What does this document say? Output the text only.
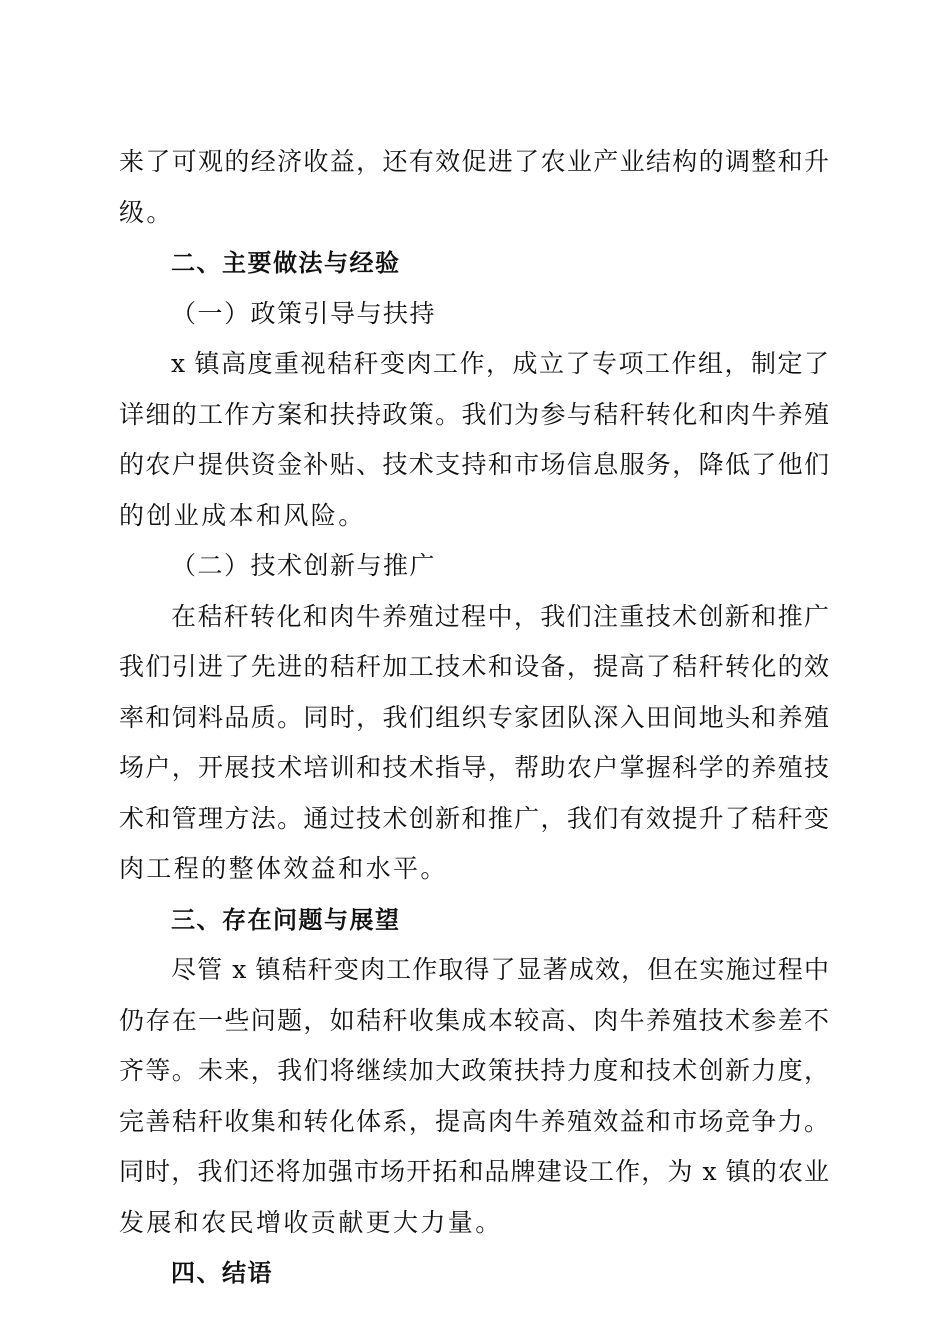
来了可观的经济收益，还有效促进了农业产业结构的调整和升
级。
二、主要做法与经验
（一）政策引导与扶持
x 镇高度重视秸秆变肉工作，成立了专项工作组，制定了
详细的工作方案和扶持政策。我们为参与秸秆转化和肉牛养殖
的农户提供资金补贴、技术支持和市场信息服务，降低了他们
的创业成本和风险。
（二）技术创新与推广
在秸秆转化和肉牛养殖过程中，我们注重技术创新和推广
我们引进了先进的秸秆加工技术和设备，提高了秸秆转化的效
率和饲料品质。同时，我们组织专家团队深入田间地头和养殖
场户，开展技术培训和技术指导，帮助农户掌握科学的养殖技
术和管理方法。通过技术创新和推广，我们有效提升了秸秆变
肉工程的整体效益和水平。
三、存在问题与展望
尽管 x 镇秸秆变肉工作取得了显著成效，但在实施过程中
仍存在一些问题，如秸秆收集成本较高、肉牛养殖技术参差不
齐等。未来，我们将继续加大政策扶持力度和技术创新力度，
完善秸秆收集和转化体系，提高肉牛养殖效益和市场竞争力。
同时，我们还将加强市场开拓和品牌建设工作，为 x 镇的农业
发展和农民增收贡献更大力量。
四、结语
